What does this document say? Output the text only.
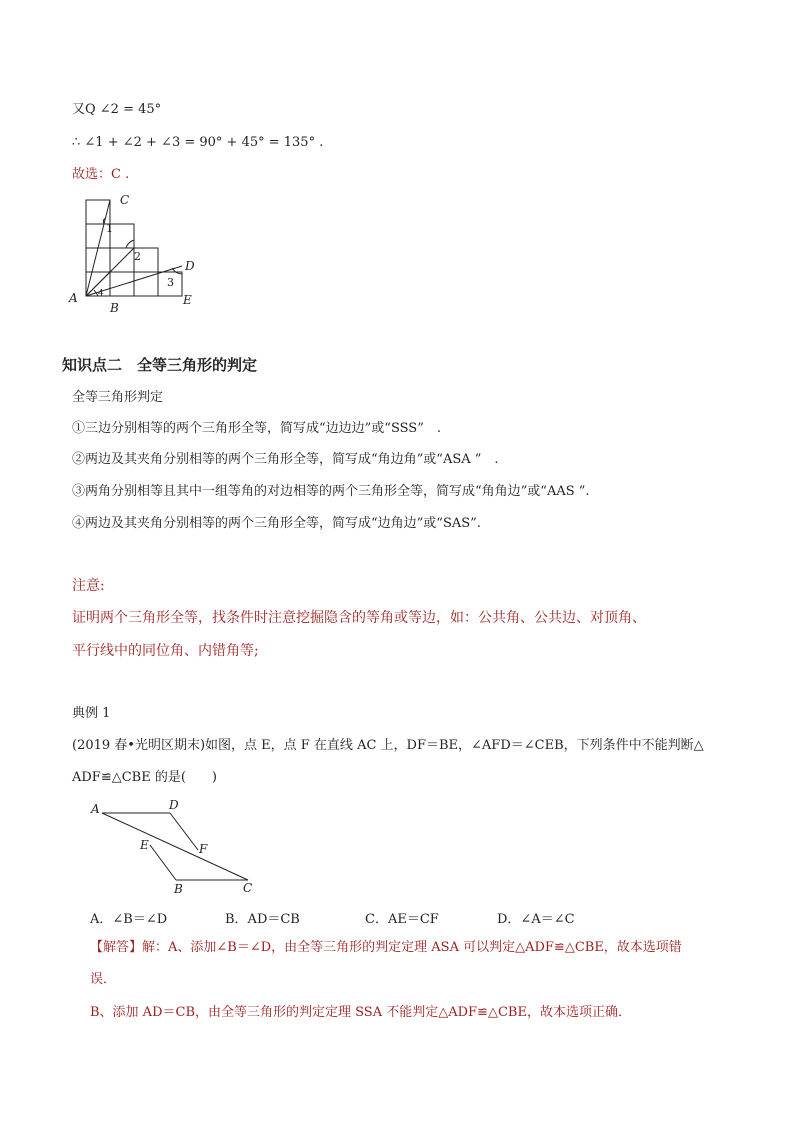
又Q ∠2 = 45°
∴ ∠1 + ∠2 + ∠3 = 90° + 45° = 135° .
故选：C .
A
B
C
D
E
1
2
3
4
知识点二　全等三角形的判定
全等三角形判定
①三边分别相等的两个三角形全等，简写成“边边边”或“SSS”　.
②两边及其夹角分别相等的两个三角形全等，简写成“角边角”或“ASA ”　.
③两角分别相等且其中一组等角的对边相等的两个三角形全等，简写成“角角边”或“AAS ”.
④两边及其夹角分别相等的两个三角形全等，简写成“边角边”或“SAS”.
注意:
证明两个三角形全等，找条件时注意挖掘隐含的等角或等边，如：公共角、公共边、对顶角、
平行线中的同位角、内错角等;
典例 1
(2019 春•光明区期末)如图，点 E，点 F 在直线 AC 上，DF＝BE，∠AFD＝∠CEB，下列条件中不能判断△
ADF≌△CBE 的是(　　)
A	D
E	F
B	C
A．∠B＝∠D	B．AD＝CB	C．AE＝CF	D．∠A＝∠C
【解答】解：A、添加∠B＝∠D，由全等三角形的判定定理 ASA 可以判定△ADF≌△CBE，故本选项错
误．
B、添加 AD＝CB，由全等三角形的判定定理 SSA 不能判定△ADF≌△CBE，故本选项正确．
